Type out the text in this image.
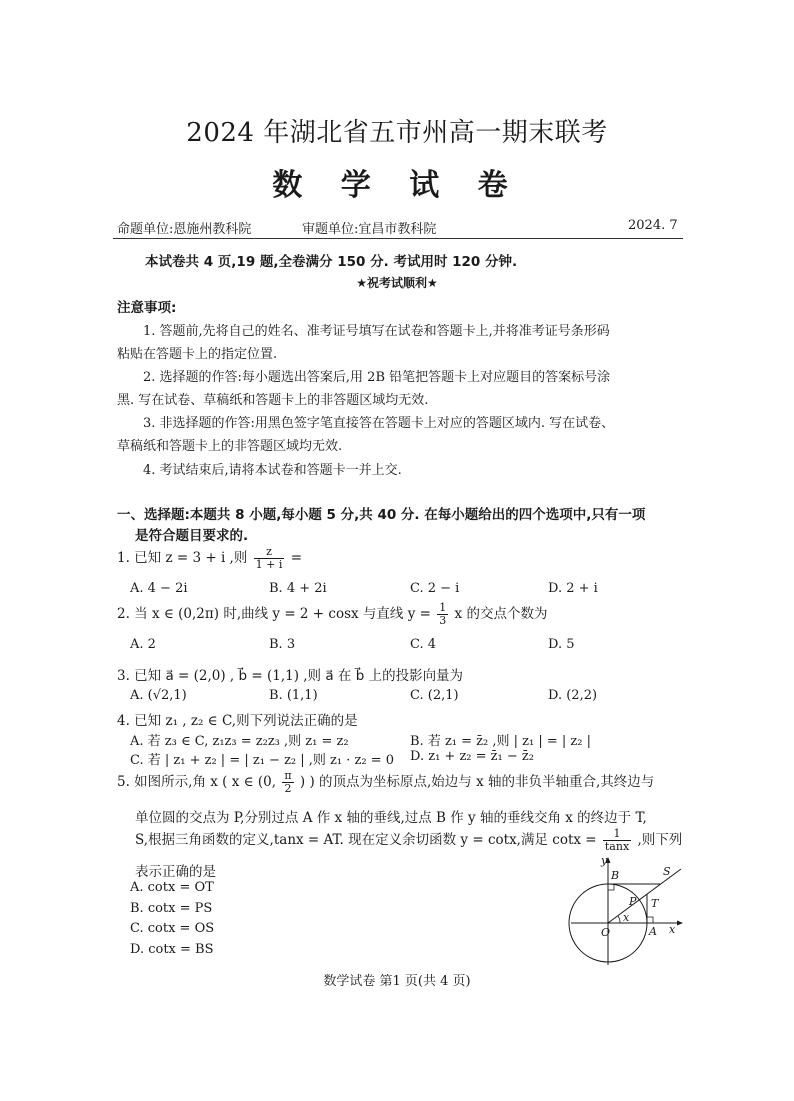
2024 年湖北省五市州高一期末联考
数 学 试 卷
命题单位:恩施州教科院	审题单位:宜昌市教科院	2024. 7
本试卷共 4 页,19 题,全卷满分 150 分. 考试用时 120 分钟.
★祝考试顺利★
注意事项:
1. 答题前,先将自己的姓名、准考证号填写在试卷和答题卡上,并将准考证号条形码
粘贴在答题卡上的指定位置.
2. 选择题的作答:每小题选出答案后,用 2B 铅笔把答题卡上对应题目的答案标号涂
黑. 写在试卷、草稿纸和答题卡上的非答题区域均无效.
3. 非选择题的作答:用黑色签字笔直接答在答题卡上对应的答题区域内. 写在试卷、
草稿纸和答题卡上的非答题区域均无效.
4. 考试结束后,请将本试卷和答题卡一并上交.
一、选择题:本题共 8 小题,每小题 5 分,共 40 分. 在每小题给出的四个选项中,只有一项
是符合题目要求的.
1. 已知 z = 3 + i ,则 $\frac{z}{1 + i}$ =
A. 4 − 2i	B. 4 + 2i	C. 2 − i	D. 2 + i
2. 当 x ∈ (0,2π) 时,曲线 y = 2 + cosx 与直线 $y = \frac{1}{3}$ x 的交点个数为
A. 2	B. 3	C. 4	D. 5
3. 已知 a⃗ = (2,0) , b⃗ = (1,1) ,则 a⃗ 在 b⃗ 上的投影向量为
A. (√2,1)	B. (1,1)	C. (2,1)	D. (2,2)
4. 已知 z₁ , z₂ ∈ C,则下列说法正确的是
A. 若 z₃ ∈ C, z₁z₃ = z₂z₃ ,则 z₁ = z₂	B. 若 z₁ = z̄₂ ,则 | z₁ | = | z₂ |
C. 若 | z₁ + z₂ | = | z₁ − z₂ | ,则 z₁ · z₂ = 0 D. z₁ + z₂ = z̄₁ − z̄₂
5. 如图所示,角 x ( x ∈ (0, $\frac{\pi}{2}$ ) ) 的顶点为坐标原点,始边与 x 轴的非负半轴重合,其终边与
单位圆的交点为 P,分别过点 A 作 x 轴的垂线,过点 B 作 y 轴的垂线交角 x 的终边于 T,
S,根据三角函数的定义,tanx = AT. 现在定义余切函数 y = cotx,满足 $\cot x = \frac{1}{\tan x}$ ,则下列
表示正确的是
A. cotx = OT
B. cotx = PS
C. cotx = OS
D. cotx = BS
y
x
O	A
B
P T
S
x
数学试卷 第1 页(共 4 页)
